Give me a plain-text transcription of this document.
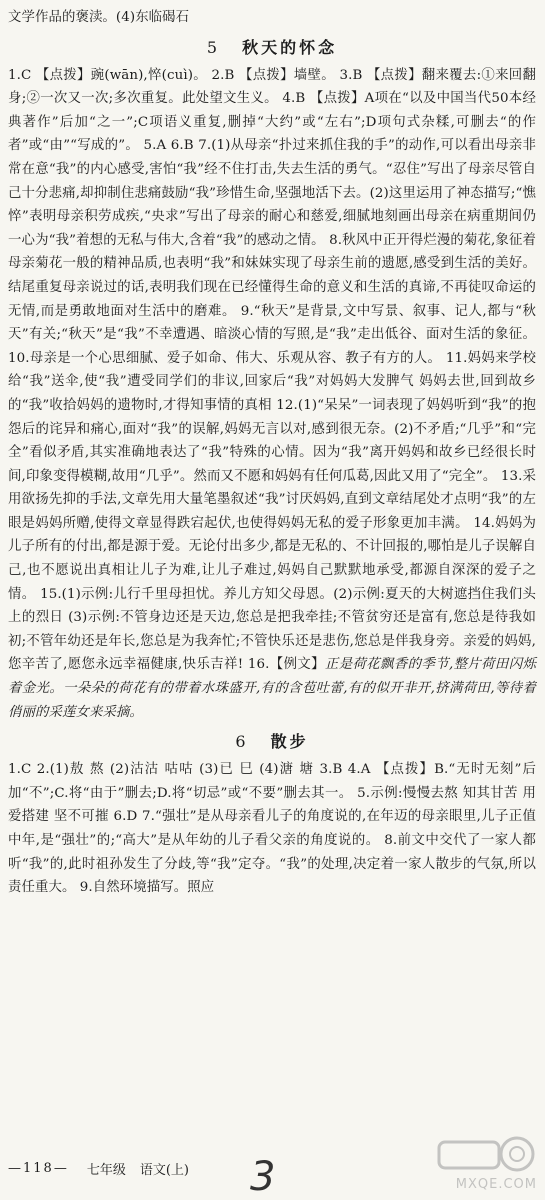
文学作品的褒渎。(4)东临碣石

5 秋天的怀念

1.C 【点拨】豌(wān),悴(cuì)。 2.B 【点拨】墙壁。 3.B 【点拨】翻来覆去:①来回翻身;②一次又一次;多次重复。此处望文生义。 4.B 【点拨】A项在“以及中国当代50本经典著作”后加“之一”;C项语义重复,删掉“大约”或“左右”;D项句式杂糅,可删去“的作者”或“由”“写成的”。 5.A 6.B 7.(1)从母亲“扑过来抓住我的手”的动作,可以看出母亲非常在意“我”的内心感受,害怕“我”经不住打击,失去生活的勇气。“忍住”写出了母亲尽管自己十分悲痛,却抑制住悲痛鼓励“我”珍惜生命,坚强地活下去。(2)这里运用了神态描写;“憔悴”表明母亲积劳成疾,“央求”写出了母亲的耐心和慈爱,细腻地刻画出母亲在病重期间仍一心为“我”着想的无私与伟大,含着“我”的感动之情。 8.秋风中正开得烂漫的菊花,象征着母亲菊花一般的精神品质,也表明“我”和妹妹实现了母亲生前的遗愿,感受到生活的美好。结尾重复母亲说过的话,表明我们现在已经懂得生命的意义和生活的真谛,不再徒叹命运的无情,而是勇敢地面对生活中的磨难。 9.“秋天”是背景,文中写景、叙事、记人,都与“秋天”有关;“秋天”是“我”不幸遭遇、暗淡心情的写照,是“我”走出低谷、面对生活的象征。 10.母亲是一个心思细腻、爱子如命、伟大、乐观从容、教子有方的人。 11.妈妈来学校给“我”送伞,使“我”遭受同学们的非议,回家后“我”对妈妈大发脾气 妈妈去世,回到故乡的“我”收拾妈妈的遗物时,才得知事情的真相 12.(1)“呆呆”一词表现了妈妈听到“我”的抱怨后的诧异和痛心,面对“我”的误解,妈妈无言以对,感到很无奈。(2)不矛盾;“几乎”和“完全”看似矛盾,其实准确地表达了“我”特殊的心情。因为“我”离开妈妈和故乡已经很长时间,印象变得模糊,故用“几乎”。然而又不愿和妈妈有任何瓜葛,因此又用了“完全”。 13.采用欲扬先抑的手法,文章先用大量笔墨叙述“我”讨厌妈妈,直到文章结尾处才点明“我”的左眼是妈妈所赠,使得文章显得跌宕起伏,也使得妈妈无私的爱子形象更加丰满。 14.妈妈为儿子所有的付出,都是源于爱。无论付出多少,都是无私的、不计回报的,哪怕是儿子误解自己,也不愿说出真相让儿子为难,让儿子难过,妈妈自己默默地承受,都源自深深的爱子之情。 15.(1)示例:儿行千里母担忧。养儿方知父母恩。(2)示例:夏天的大树遮挡住我们头上的烈日 (3)示例:不管身边还是天边,您总是把我牵挂;不管贫穷还是富有,您总是待我如初;不管年幼还是年长,您总是为我奔忙;不管快乐还是悲伤,您总是伴我身旁。亲爱的妈妈,您辛苦了,愿您永远幸福健康,快乐吉祥! 16.【例文】正是荷花飘香的季节,整片荷田闪烁着金光。一朵朵的荷花有的带着水珠盛开,有的含苞吐蕾,有的似开非开,挤满荷田,等待着俏丽的采莲女来采摘。

6 散步

1.C 2.(1)敖 熬 (2)沽沽 咕咕 (3)已 巳 (4)溏 塘 3.B 4.A 【点拨】B.“无时无刻”后加“不”;C.将“由于”删去;D.将“切忌”或“不要”删去其一。 5.示例:慢慢去熬 知其甘苦 用爱搭建 坚不可摧 6.D 7.“强壮”是从母亲看儿子的角度说的,在年迈的母亲眼里,儿子正值中年,是“强壮”的;“高大”是从年幼的儿子看父亲的角度说的。 8.前文中交代了一家人都听“我”的,此时祖孙发生了分歧,等“我”定夺。“我”的处理,决定着一家人散步的气氛,所以责任重大。 9.自然环境描写。照应

—118— 七年级 语文(上) 3	MXQE.COM
